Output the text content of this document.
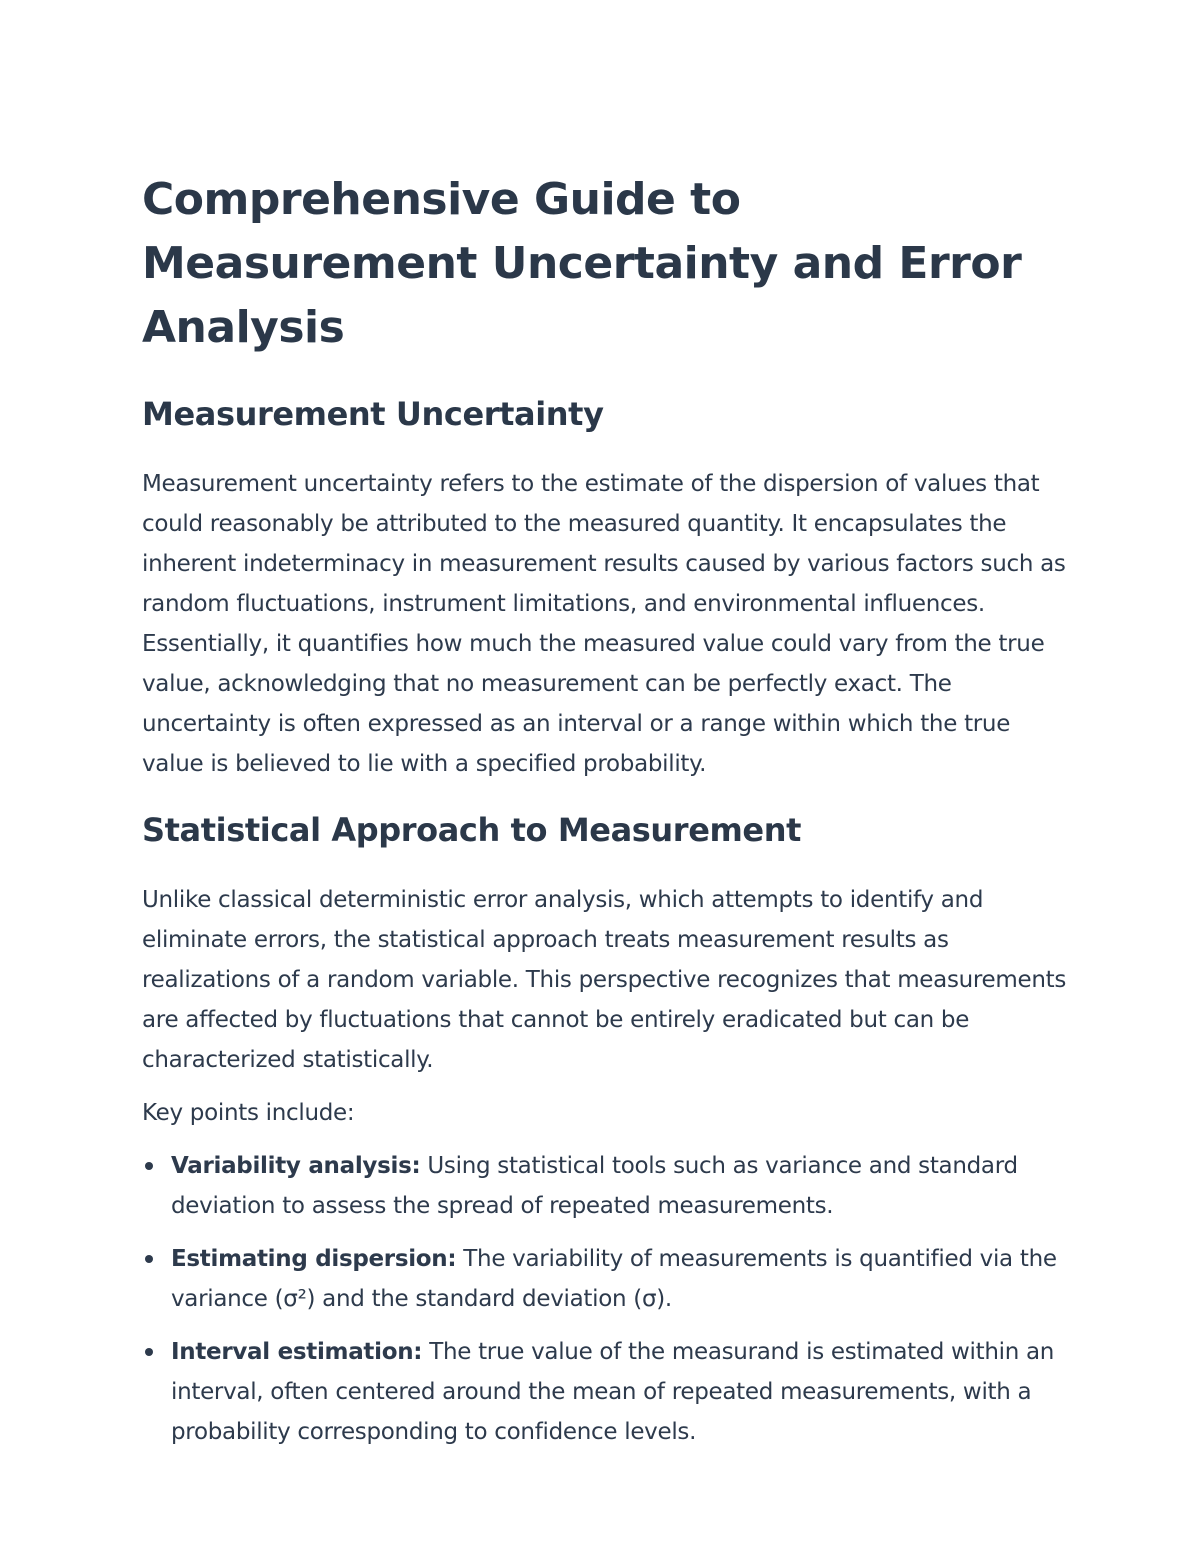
Comprehensive Guide to Measurement Uncertainty and Error Analysis
Measurement Uncertainty

Measurement uncertainty refers to the estimate of the dispersion of values that could reasonably be attributed to the measured quantity. It encapsulates the inherent indeterminacy in measurement results caused by various factors such as random fluctuations, instrument limitations, and environmental influences. Essentially, it quantifies how much the measured value could vary from the true value, acknowledging that no measurement can be perfectly exact. The uncertainty is often expressed as an interval or a range within which the true value is believed to lie with a specified probability.

Statistical Approach to Measurement

Unlike classical deterministic error analysis, which attempts to identify and eliminate errors, the statistical approach treats measurement results as realizations of a random variable. This perspective recognizes that measurements are affected by fluctuations that cannot be entirely eradicated but can be characterized statistically.

Key points include:

Variability analysis: Using statistical tools such as variance and standard deviation to assess the spread of repeated measurements.
Estimating dispersion: The variability of measurements is quantified via the variance (σ²) and the standard deviation (σ).
Interval estimation: The true value of the measurand is estimated within an interval, often centered around the mean of repeated measurements, with a probability corresponding to confidence levels.
